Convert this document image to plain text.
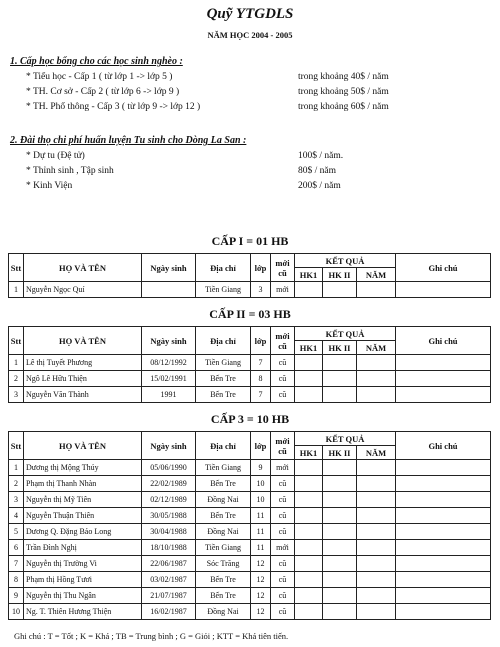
Quỹ YTGDLS
NĂM HỌC 2004 - 2005
1. Cấp học bổng cho các học sinh nghèo :
* Tiểu học - Cấp 1 ( từ lớp 1 -> lớp 5 )	trong khoảng 40$ / năm
* TH. Cơ sở - Cấp 2 ( từ lớp 6 -> lớp 9 )	trong khoảng 50$ / năm
* TH. Phổ thông - Cấp 3 ( từ lớp 9 -> lớp 12 )	trong khoảng 60$ / năm
2. Đài thọ chi phí huấn luyện Tu sinh cho Dòng La San :
* Dự tu (Đệ tử)	100$ / năm.
* Thỉnh sinh , Tập sinh	80$ / năm
* Kinh Viện	200$ / năm
CẤP I = 01 HB
Stt	HỌ VÀ TÊN	Ngày sinh	Địa chỉ	lớp	mới cũ	KẾT QUẢ			Ghi chú
						HK1	HK II	NĂM	
1	Nguyễn Ngọc Quí		Tiền Giang	3	mới				
CẤP II = 03 HB
Stt	HỌ VÀ TÊN	Ngày sinh	Địa chỉ	lớp	mới cũ	KẾT QUẢ			Ghi chú
						HK1	HK II	NĂM	
1	Lê thị Tuyết Phương	08/12/1992	Tiền Giang	7	cũ				
2	Ngô Lê Hữu Thiện	15/02/1991	Bến Tre	8	cũ				
3	Nguyễn Văn Thành	1991	Bến Tre	7	cũ				
CẤP 3 = 10 HB
Stt	HỌ VÀ TÊN	Ngày sinh	Địa chỉ	lớp	mới cũ	KẾT QUẢ			Ghi chú
						HK1	HK II	NĂM	
1	Dương thị Mộng Thúy	05/06/1990	Tiền Giang	9	mới				
2	Phạm thị Thanh Nhàn	22/02/1989	Bến Tre	10	cũ				
3	Nguyễn thị Mỹ Tiên	02/12/1989	Đồng Nai	10	cũ				
4	Nguyễn Thuận Thiên	30/05/1988	Bến Tre	11	cũ				
5	Dương Q. Đặng Bảo Long	30/04/1988	Đồng Nai	11	cũ				
6	Trần Đình Nghị	18/10/1988	Tiền Giang	11	mới				
7	Nguyễn thị Trường Vi	22/06/1987	Sóc Trăng	12	cũ				
8	Phạm thị Hồng Tươi	03/02/1987	Bến Tre	12	cũ				
9	Nguyễn thị Thu Ngân	21/07/1987	Bến Tre	12	cũ				
10	Ng. T. Thiên Hương Thiện	16/02/1987	Đồng Nai	12	cũ				
Ghi chú : T = Tốt ; K = Khá ; TB = Trung bình ; G = Giỏi ; KTT = Khá tiên tiến.
